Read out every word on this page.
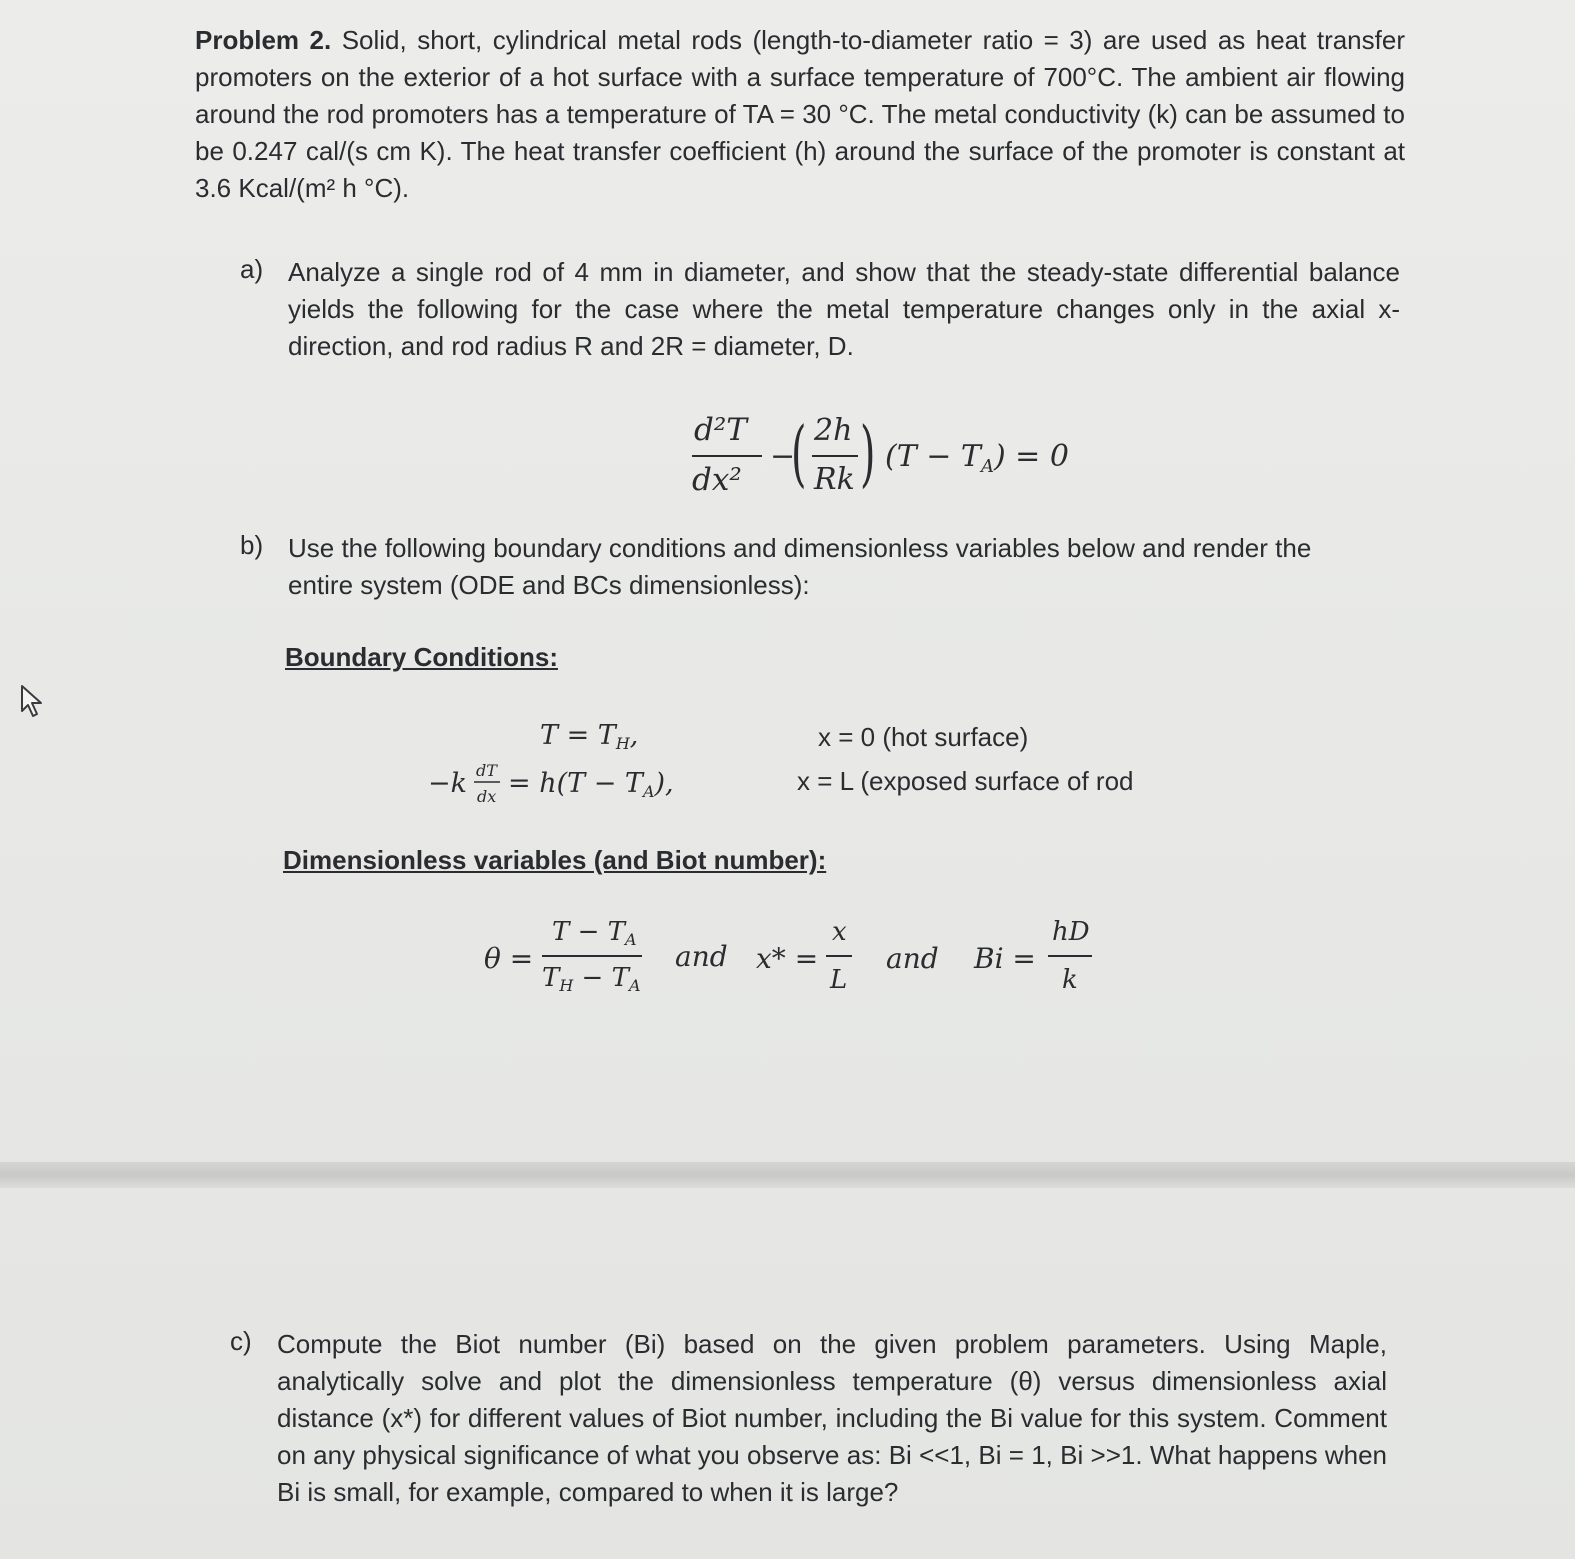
Problem 2. Solid, short, cylindrical metal rods (length-to-diameter ratio = 3) are used as heat transfer promoters on the exterior of a hot surface with a surface temperature of 700°C. The ambient air flowing around the rod promoters has a temperature of TA = 30 °C. The metal conductivity (k) can be assumed to be 0.247 cal/(s cm K). The heat transfer coefficient (h) around the surface of the promoter is constant at 3.6 Kcal/(m² h °C).
a) Analyze a single rod of 4 mm in diameter, and show that the steady-state differential balance yields the following for the case where the metal temperature changes only in the axial x-direction, and rod radius R and 2R = diameter, D.
d²T
dx²
−
( 2h
Rk ) $(T - T_A) = 0$
b) Use the following boundary conditions and dimensionless variables below and render the entire system (ODE and BCs dimensionless):
Boundary Conditions:
T = TH,
−k dT
dx = h(T − TA),
x = 0 (hot surface)
x = L (exposed surface of rod
Dimensionless variables (and Biot number):
θ =
T − TA
TH − TA
and x* =
x
L
and Bi =
hD
k
c) Compute the Biot number (Bi) based on the given problem parameters. Using Maple, analytically solve and plot the dimensionless temperature (θ) versus dimensionless axial distance (x*) for different values of Biot number, including the Bi value for this system. Comment on any physical significance of what you observe as: Bi <<1, Bi = 1, Bi >>1. What happens when Bi is small, for example, compared to when it is large?
